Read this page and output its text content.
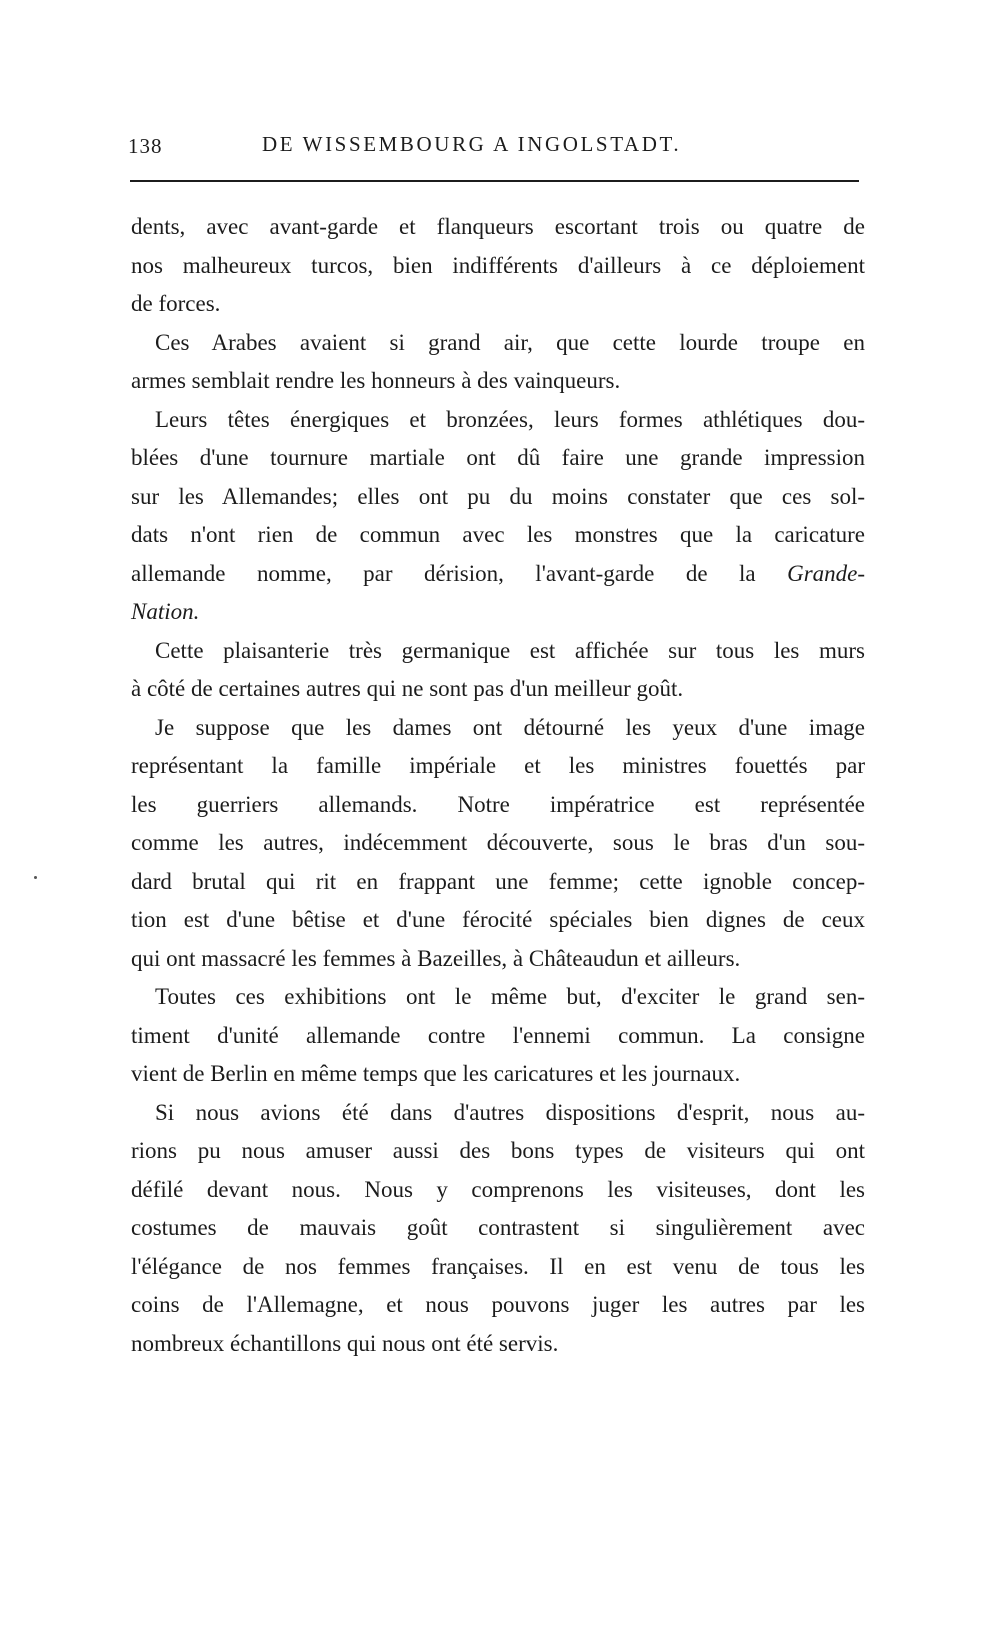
138	DE WISSEMBOURG A INGOLSTADT.
dents, avec avant-garde et flanqueurs escortant trois ou quatre de
nos malheureux turcos, bien indifférents d'ailleurs à ce déploiement
de forces.
Ces Arabes avaient si grand air, que cette lourde troupe en
armes semblait rendre les honneurs à des vainqueurs.
Leurs têtes énergiques et bronzées, leurs formes athlétiques dou-
blées d'une tournure martiale ont dû faire une grande impression
sur les Allemandes; elles ont pu du moins constater que ces sol-
dats n'ont rien de commun avec les monstres que la caricature
allemande nomme, par dérision, l'avant-garde de la Grande-
Nation.
Cette plaisanterie très germanique est affichée sur tous les murs
à côté de certaines autres qui ne sont pas d'un meilleur goût.
Je suppose que les dames ont détourné les yeux d'une image
représentant la famille impériale et les ministres fouettés par
les guerriers allemands. Notre impératrice est représentée
comme les autres, indécemment découverte, sous le bras d'un sou-
dard brutal qui rit en frappant une femme; cette ignoble concep-
tion est d'une bêtise et d'une férocité spéciales bien dignes de ceux
qui ont massacré les femmes à Bazeilles, à Châteaudun et ailleurs.
Toutes ces exhibitions ont le même but, d'exciter le grand sen-
timent d'unité allemande contre l'ennemi commun. La consigne
vient de Berlin en même temps que les caricatures et les journaux.
Si nous avions été dans d'autres dispositions d'esprit, nous au-
rions pu nous amuser aussi des bons types de visiteurs qui ont
défilé devant nous. Nous y comprenons les visiteuses, dont les
costumes de mauvais goût contrastent si singulièrement avec
l'élégance de nos femmes françaises. Il en est venu de tous les
coins de l'Allemagne, et nous pouvons juger les autres par les
nombreux échantillons qui nous ont été servis.
